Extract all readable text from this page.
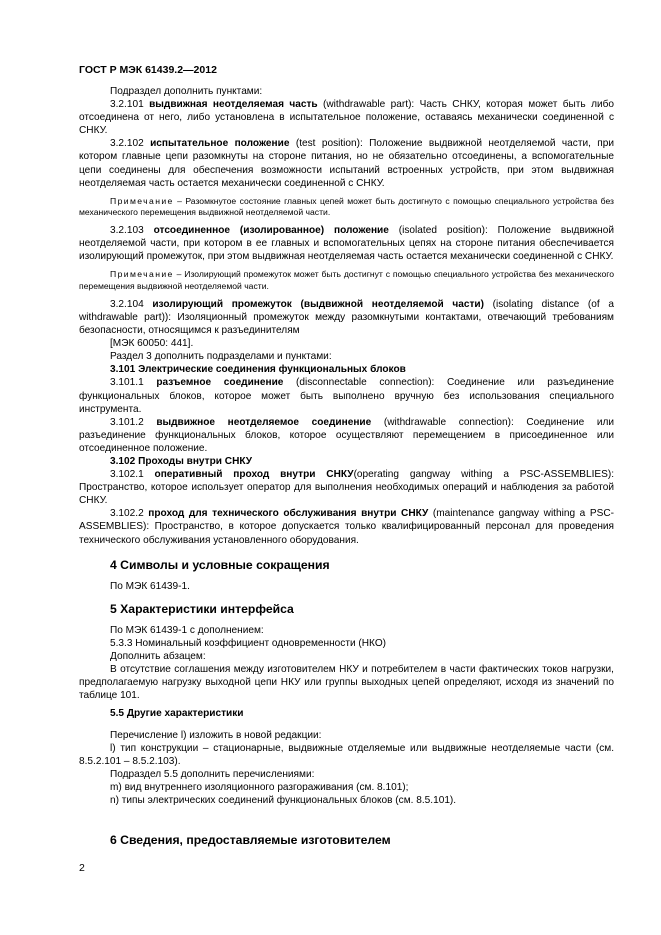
ГОСТ Р МЭК 61439.2—2012

Подраздел дополнить пунктами:

3.2.101 выдвижная неотделяемая часть (withdrawable part): Часть СНКУ, которая может быть либо отсоединена от него, либо установлена в испытательное положение, оставаясь механически соединенной с СНКУ.

3.2.102 испытательное положение (test position): Положение выдвижной неотделяемой части, при котором главные цепи разомкнуты на стороне питания, но не обязательно отсоединены, а вспомогательные цепи соединены для обеспечения возможности испытаний встроенных устройств, при этом выдвижная неотделяемая часть остается механически соединенной с СНКУ.

Примечание – Разомкнутое состояние главных цепей может быть достигнуто с помощью специального устройства без механического перемещения выдвижной неотделяемой части.

3.2.103 отсоединенное (изолированное) положение (isolated position): Положение выдвижной неотделяемой части, при котором в ее главных и вспомогательных цепях на стороне питания обеспечивается изолирующий промежуток, при этом выдвижная неотделяемая часть остается механически соединенной с СНКУ.

Примечание – Изолирующий промежуток может быть достигнут с помощью специального устройства без механического перемещения выдвижной неотделяемой части.

3.2.104 изолирующий промежуток (выдвижной неотделяемой части) (isolating distance (of a withdrawable part)): Изоляционный промежуток между разомкнутыми контактами, отвечающий требованиям безопасности, относящимся к разъединителям

[МЭК 60050: 441].

Раздел 3 дополнить подразделами и пунктами:

3.101 Электрические соединения функциональных блоков

3.101.1 разъемное соединение (disconnectable connection): Соединение или разъединение функциональных блоков, которое может быть выполнено вручную без использования специального инструмента.

3.101.2 выдвижное неотделяемое соединение (withdrawable connection): Соединение или разъединение функциональных блоков, которое осуществляют перемещением в присоединенное или отсоединенное положение.

3.102 Проходы внутри СНКУ

3.102.1 оперативный проход внутри СНКУ(operating gangway withing a PSC-ASSEMBLIES): Пространство, которое использует оператор для выполнения необходимых операций и наблюдения за работой СНКУ.

3.102.2 проход для технического обслуживания внутри СНКУ (maintenance gangway withing a PSC-ASSEMBLIES): Пространство, в которое допускается только квалифицированный персонал для проведения технического обслуживания установленного оборудования.

4 Символы и условные сокращения

По МЭК 61439-1.

5 Характеристики интерфейса

По МЭК 61439-1 с дополнением:

5.3.3 Номинальный коэффициент одновременности (НКО)

Дополнить абзацем:

В отсутствие соглашения между изготовителем НКУ и потребителем в части фактических токов нагрузки, предполагаемую нагрузку выходной цепи НКУ или группы выходных цепей определяют, исходя из значений по таблице 101.

5.5 Другие характеристики

Перечисление l) изложить в новой редакции:

l) тип конструкции – стационарные, выдвижные отделяемые или выдвижные неотделяемые части (см. 8.5.2.101 – 8.5.2.103).

Подраздел 5.5 дополнить перечислениями:

m) вид внутреннего изоляционного разгораживания (см. 8.101);

n) типы электрических соединений функциональных блоков (см. 8.5.101).

6 Сведения, предоставляемые изготовителем
2
